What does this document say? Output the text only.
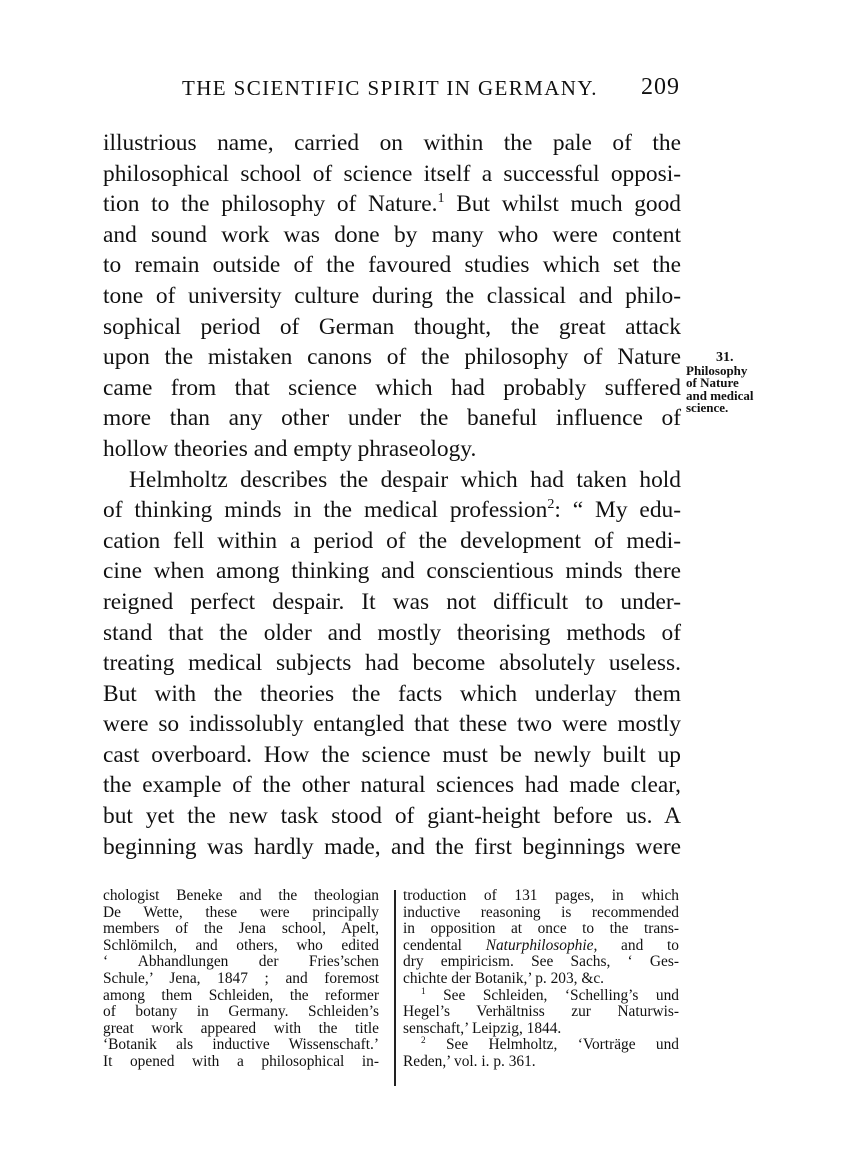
THE SCIENTIFIC SPIRIT IN GERMANY. 209

illustrious name, carried on within the pale of the
philosophical school of science itself a successful opposi-
tion to the philosophy of Nature.$^1$ But whilst much good
and sound work was done by many who were content
to remain outside of the favoured studies which set the
tone of university culture during the classical and philo-
sophical period of German thought, the great attack
upon the mistaken canons of the philosophy of Nature
came from that science which had probably suffered
more than any other under the baneful influence of
hollow theories and empty phraseology.

Helmholtz describes the despair which had taken hold
of thinking minds in the medical profession$^2$: “ My edu-
cation fell within a period of the development of medi-
cine when among thinking and conscientious minds there
reigned perfect despair. It was not difficult to under-
stand that the older and mostly theorising methods of
treating medical subjects had become absolutely useless.
But with the theories the facts which underlay them
were so indissolubly entangled that these two were mostly
cast overboard. How the science must be newly built up
the example of the other natural sciences had made clear,
but yet the new task stood of giant-height before us. A
beginning was hardly made, and the first beginnings were

31.
Philosophy
of Nature
and medical
science.
chologist Beneke and the theologian
De Wette, these were principally
members of the Jena school, Apelt,
Schlömilch, and others, who edited
‘ Abhandlungen der Fries’schen
Schule,’ Jena, 1847 ; and foremost
among them Schleiden, the reformer
of botany in Germany. Schleiden’s
great work appeared with the title
‘Botanik als inductive Wissenschaft.’
It opened with a philosophical in-
troduction of 131 pages, in which
inductive reasoning is recommended
in opposition at once to the trans-
cendental Naturphilosophie, and to
dry empiricism. See Sachs, ‘ Ges-
chichte der Botanik,’ p. 203, &c.
$^1$ See Schleiden, ‘Schelling’s und
Hegel’s Verhältniss zur Naturwis-
senschaft,’ Leipzig, 1844.
$^2$ See Helmholtz, ‘Vorträge und
Reden,’ vol. i. p. 361.
